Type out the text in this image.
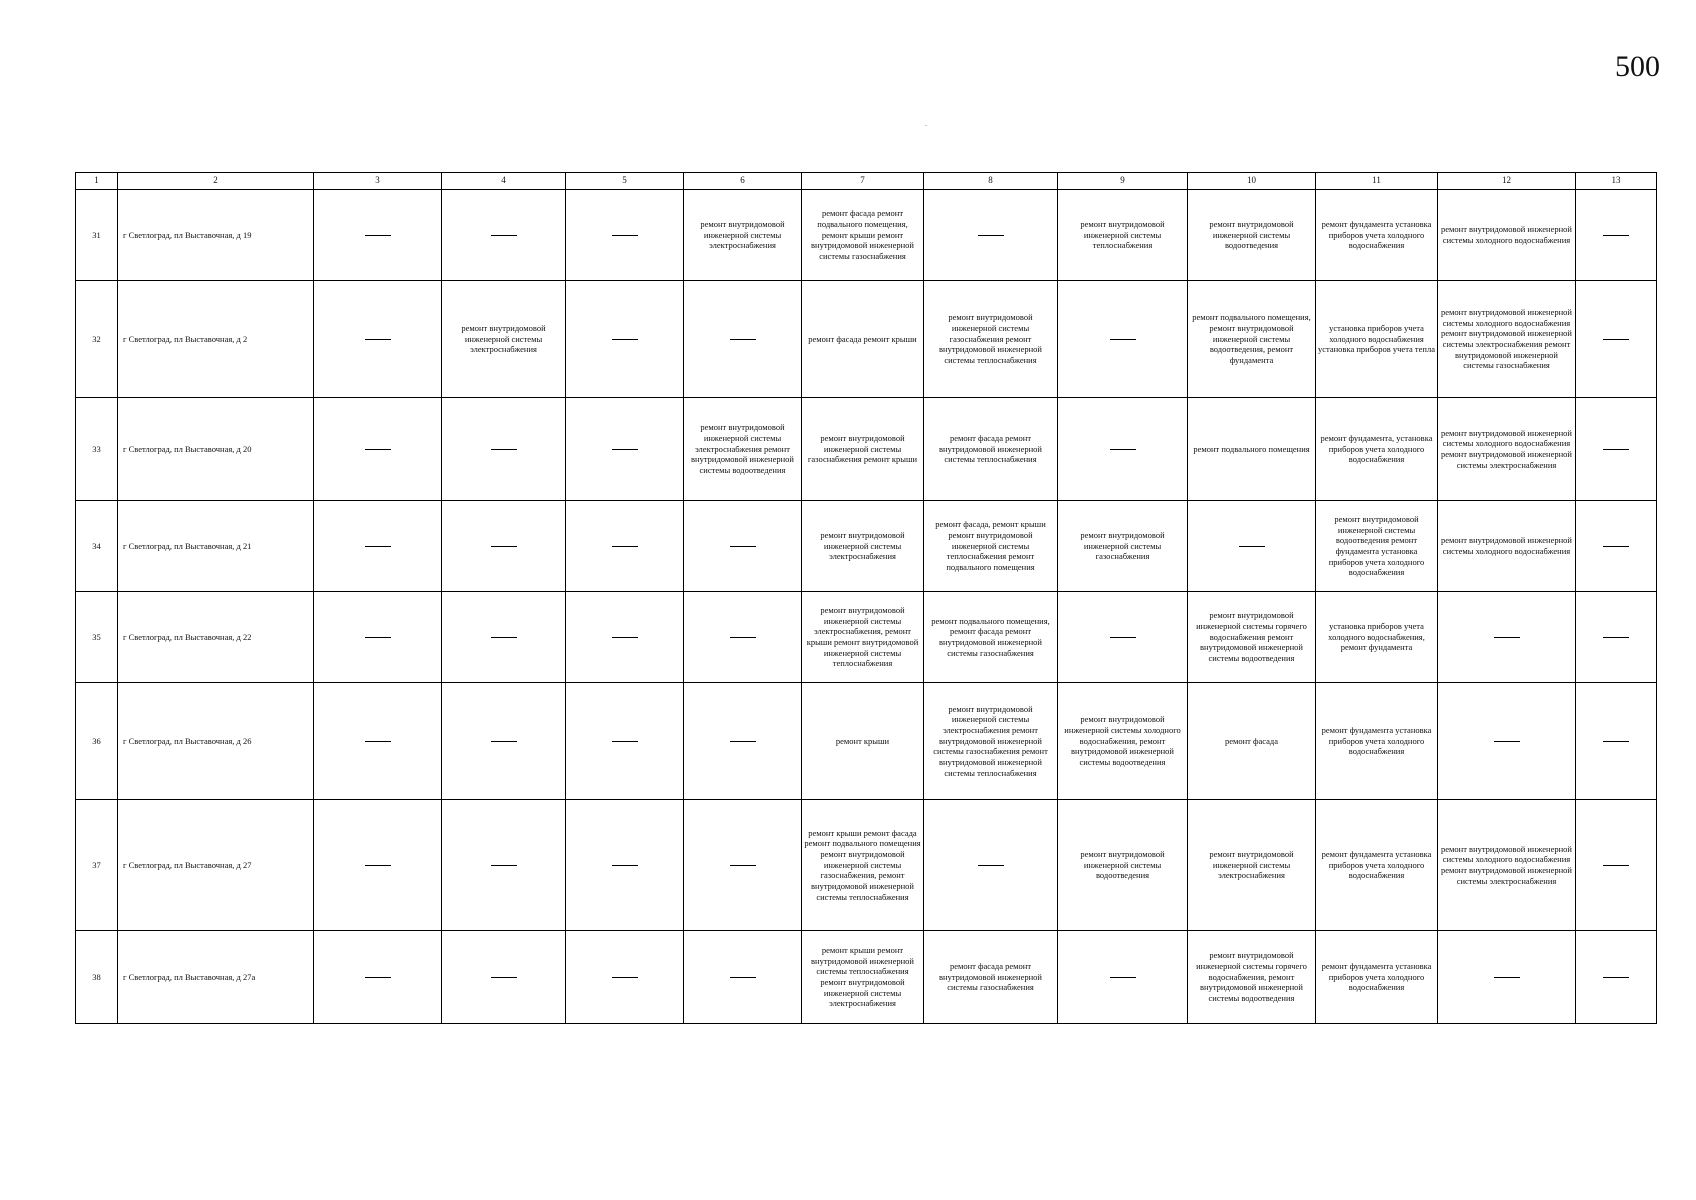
500
.
1	2	3	4	5	6	7	8	9	10	11	12	13
31	г Светлоград, пл Выставочная, д 19				ремонт внутридомовой инженерной системы электроснабжения	ремонт фасада ремонт подвального помещения, ремонт крыши ремонт внутридомовой инженерной системы газоснабжения		ремонт внутридомовой инженерной системы теплоснабжения	ремонт внутридомовой инженерной системы водоотведения	ремонт фундамента установка приборов учета холодного водоснабжения	ремонт внутридомовой инженерной системы холодного водоснабжения	
32	г Светлоград, пл Выставочная, д 2		ремонт внутридомовой инженерной системы электроснабжения			ремонт фасада ремонт крыши	ремонт внутридомовой инженерной системы газоснабжения ремонт внутридомовой инженерной системы теплоснабжения		ремонт подвального помещения, ремонт внутридомовой инженерной системы водоотведения, ремонт фундамента	установка приборов учета холодного водоснабжения установка приборов учета тепла	ремонт внутридомовой инженерной системы холодного водоснабжения ремонт внутридомовой инженерной системы электроснабжения ремонт внутридомовой инженерной системы газоснабжения	
33	г Светлоград, пл Выставочная, д 20				ремонт внутридомовой инженерной системы электроснабжения ремонт внутридомовой инженерной системы водоотведения	ремонт внутридомовой инженерной системы газоснабжения ремонт крыши	ремонт фасада ремонт внутридомовой инженерной системы теплоснабжения		ремонт подвального помещения	ремонт фундамента, установка приборов учета холодного водоснабжения	ремонт внутридомовой инженерной системы холодного водоснабжения ремонт внутридомовой инженерной системы электроснабжения	
34	г Светлоград, пл Выставочная, д 21					ремонт внутридомовой инженерной системы электроснабжения	ремонт фасада, ремонт крыши ремонт внутридомовой инженерной системы теплоснабжения ремонт подвального помещения	ремонт внутридомовой инженерной системы газоснабжения		ремонт внутридомовой инженерной системы водоотведения ремонт фундамента установка приборов учета холодного водоснабжения	ремонт внутридомовой инженерной системы холодного водоснабжения	
35	г Светлоград, пл Выставочная, д 22					ремонт внутридомовой инженерной системы электроснабжения, ремонт крыши ремонт внутридомовой инженерной системы теплоснабжения	ремонт подвального помещения, ремонт фасада ремонт внутридомовой инженерной системы газоснабжения		ремонт внутридомовой инженерной системы горячего водоснабжения ремонт внутридомовой инженерной системы водоотведения	установка приборов учета холодного водоснабжения, ремонт фундамента		
36	г Светлоград, пл Выставочная, д 26					ремонт крыши	ремонт внутридомовой инженерной системы электроснабжения ремонт внутридомовой инженерной системы газоснабжения ремонт внутридомовой инженерной системы теплоснабжения	ремонт внутридомовой инженерной системы холодного водоснабжения, ремонт внутридомовой инженерной системы водоотведения	ремонт фасада	ремонт фундамента установка приборов учета холодного водоснабжения		
37	г Светлоград, пл Выставочная, д 27					ремонт крыши ремонт фасада ремонт подвального помещения ремонт внутридомовой инженерной системы газоснабжения, ремонт внутридомовой инженерной системы теплоснабжения		ремонт внутридомовой инженерной системы водоотведения	ремонт внутридомовой инженерной системы электроснабжения	ремонт фундамента установка приборов учета холодного водоснабжения	ремонт внутридомовой инженерной системы холодного водоснабжения ремонт внутридомовой инженерной системы электроснабжения	
38	г Светлоград, пл Выставочная, д 27а					ремонт крыши ремонт внутридомовой инженерной системы теплоснабжения ремонт внутридомовой инженерной системы электроснабжения	ремонт фасада ремонт внутридомовой инженерной системы газоснабжения		ремонт внутридомовой инженерной системы горячего водоснабжения, ремонт внутридомовой инженерной системы водоотведения	ремонт фундамента установка приборов учета холодного водоснабжения		
